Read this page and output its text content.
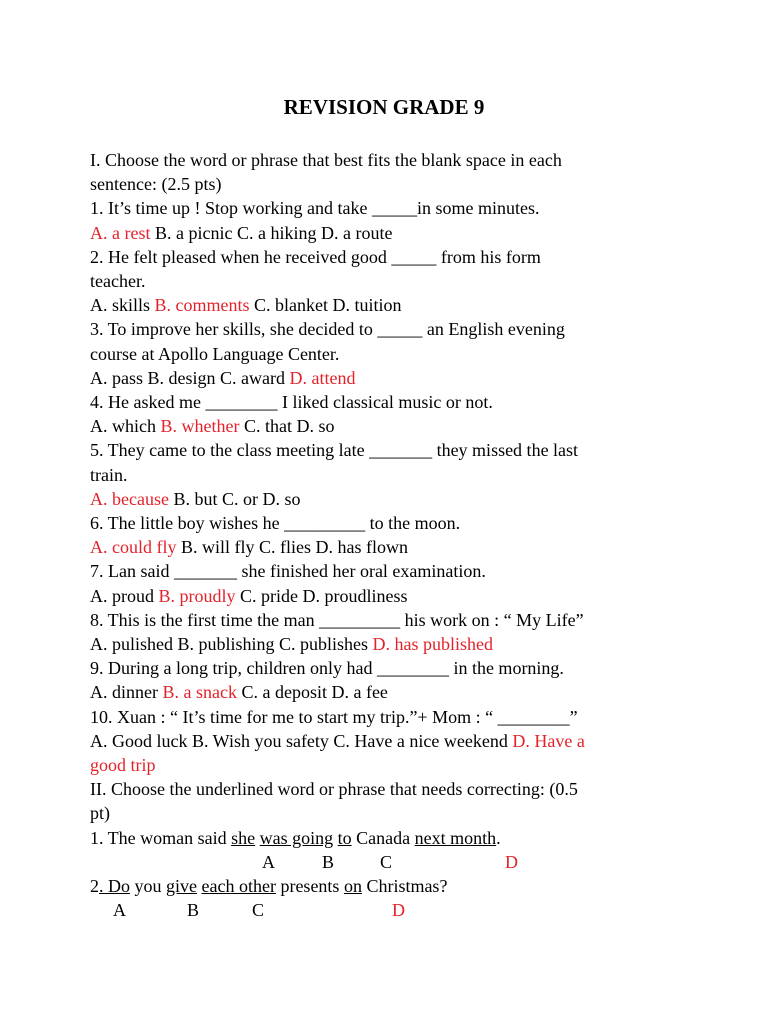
REVISION GRADE 9
I. Choose the word or phrase that best fits the blank space in each
sentence: (2.5 pts)
1. It’s time up ! Stop working and take _____in some minutes.
A. a rest B. a picnic C. a hiking D. a route
2. He felt pleased when he received good _____ from his form
teacher.
A. skills B. comments C. blanket D. tuition
3. To improve her skills, she decided to _____ an English evening
course at Apollo Language Center.
A. pass B. design C. award D. attend
4. He asked me ________ I liked classical music or not.
A. which B. whether C. that D. so
5. They came to the class meeting late _______ they missed the last
train.
A. because B. but C. or D. so
6. The little boy wishes he _________ to the moon.
A. could fly B. will fly C. flies D. has flown
7. Lan said _______ she finished her oral examination.
A. proud B. proudly C. pride D. proudliness
8. This is the first time the man _________ his work on : “ My Life”
A. pulished B. publishing C. publishes D. has published
9. During a long trip, children only had ________ in the morning.
A. dinner B. a snack C. a deposit D. a fee
10. Xuan : “ It’s time for me to start my trip.”+ Mom : “ ________”
A. Good luck B. Wish you safety C. Have a nice weekend D. Have a
good trip
II. Choose the underlined word or phrase that needs correcting: (0.5
pt)
1. The woman said she was going to Canada next month.
A	B	C	D
2. Do you give each other presents on Christmas?
A	B	C	D
